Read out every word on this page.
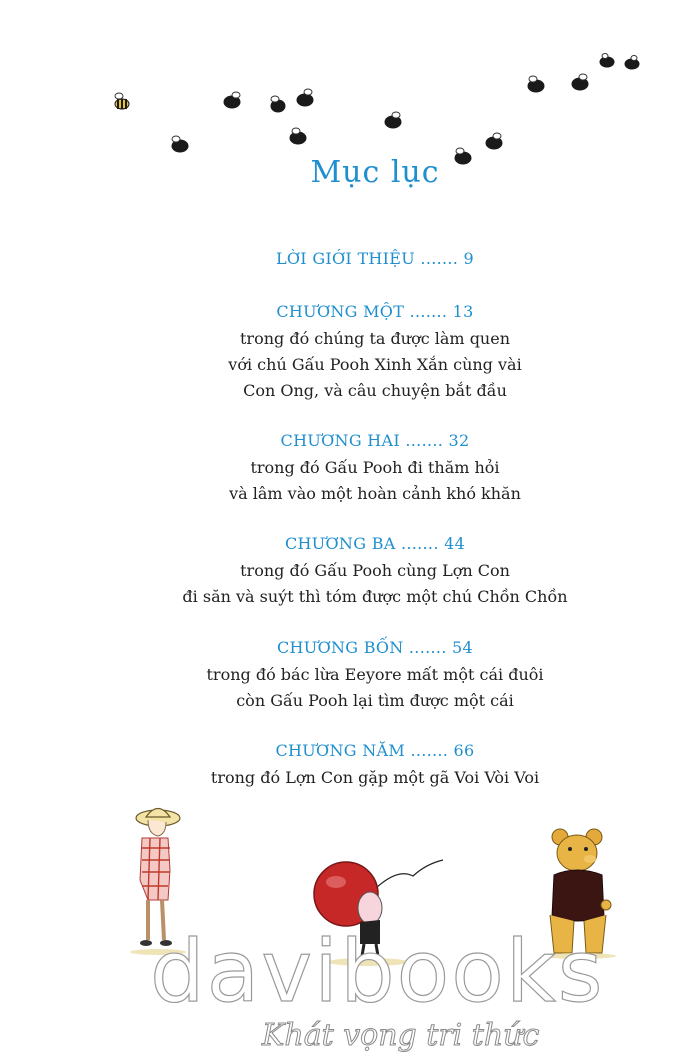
Mục lục
LỜI GIỚI THIỆU ....... 9
CHƯƠNG MỘT ....... 13
trong đó chúng ta được làm quen
với chú Gấu Pooh Xinh Xắn cùng vài
Con Ong, và câu chuyện bắt đầu
CHƯƠNG HAI ....... 32
trong đó Gấu Pooh đi thăm hỏi
và lâm vào một hoàn cảnh khó khăn
CHƯƠNG BA ....... 44
trong đó Gấu Pooh cùng Lợn Con
đi săn và suýt thì tóm được một chú Chồn Chồn
CHƯƠNG BỐN ....... 54
trong đó bác lừa Eeyore mất một cái đuôi
còn Gấu Pooh lại tìm được một cái
CHƯƠNG NĂM ....... 66
trong đó Lợn Con gặp một gã Voi Vòi Voi
davibooks
Khát vọng tri thức
